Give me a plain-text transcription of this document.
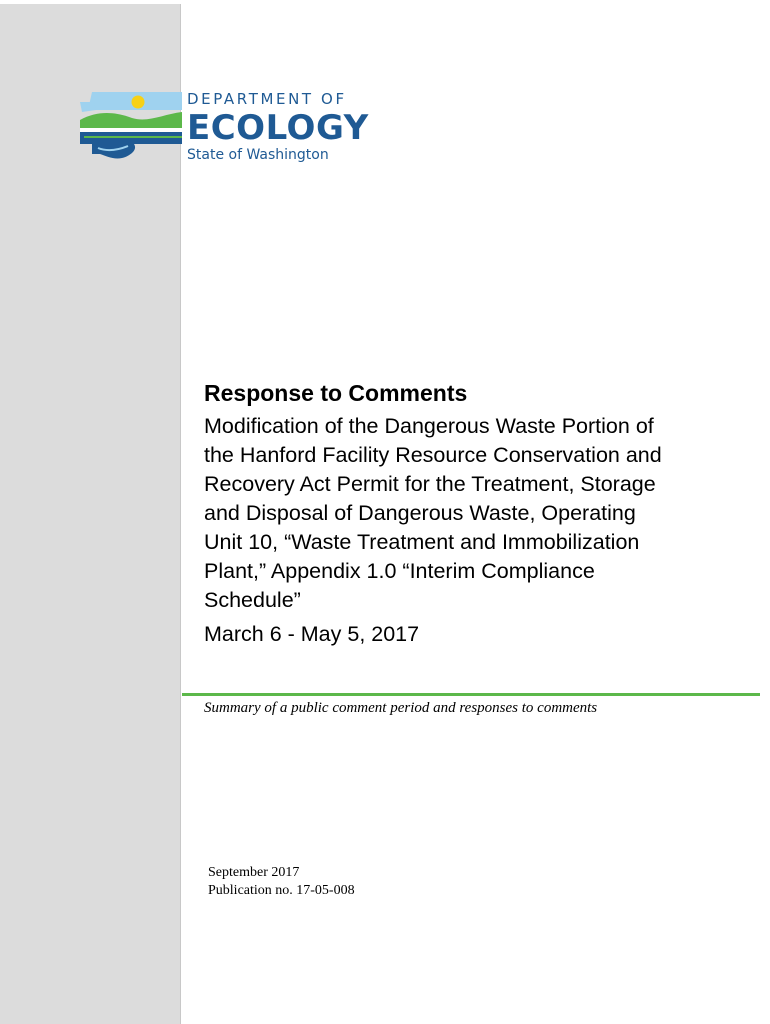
DEPARTMENT OF
ECOLOGY
State of Washington
Response to Comments

Modification of the Dangerous Waste Portion of the Hanford Facility Resource Conservation and Recovery Act Permit for the Treatment, Storage and Disposal of Dangerous Waste, Operating Unit 10, “Waste Treatment and Immobilization Plant,” Appendix 1.0 “Interim Compliance Schedule”

March 6 - May 5, 2017

Summary of a public comment period and responses to comments
September 2017
Publication no. 17-05-008
